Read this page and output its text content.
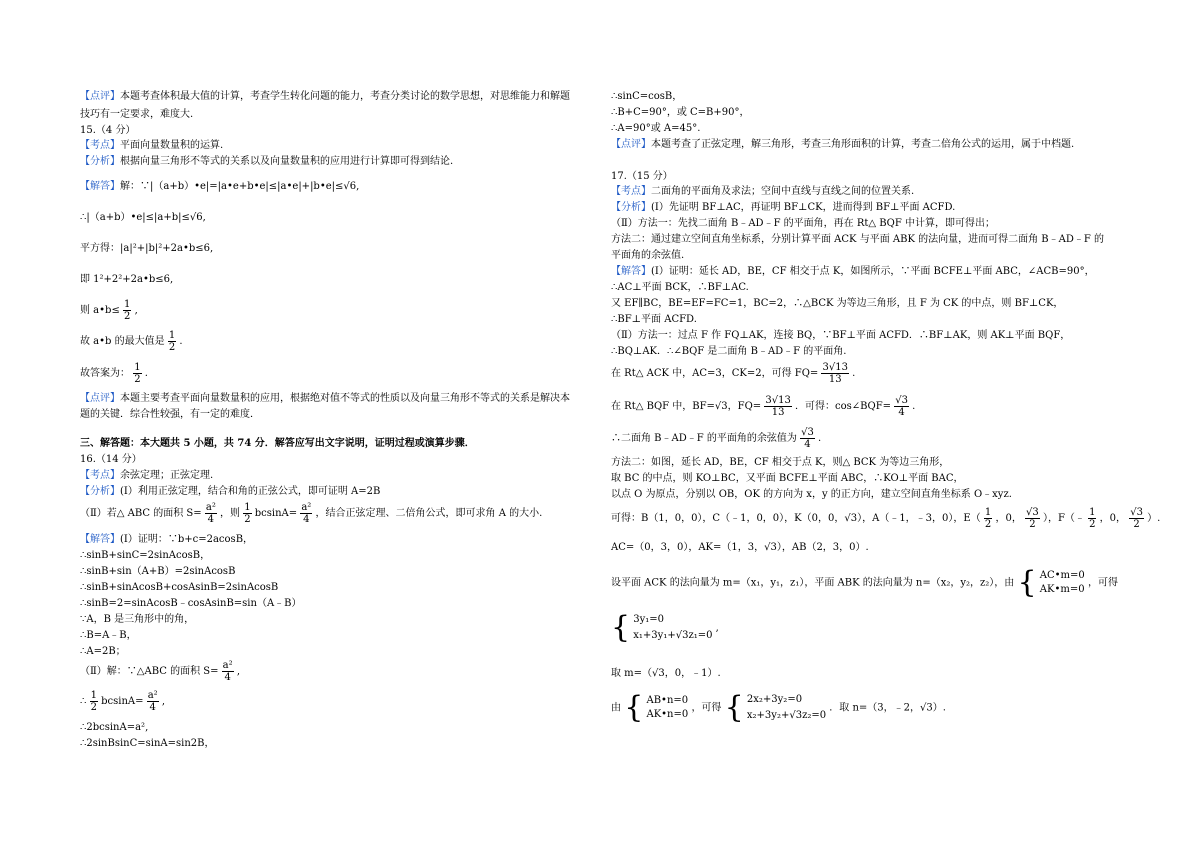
【点评】本题考查体积最大值的计算，考查学生转化问题的能力，考查分类讨论的数学思想，对思维能力和解题
技巧有一定要求，难度大.
15.（4 分）
【考点】平面向量数量积的运算.
【分析】根据向量三角形不等式的关系以及向量数量积的应用进行计算即可得到结论.
【解答】解：∵|（a+b）•e|=|a•e+b•e|≤|a•e|+|b•e|≤√6,
∴|（a+b）•e|≤|a+b|≤√6,
平方得：|a|²+|b|²+2a•b≤6,
即 1²+2²+2a•b≤6,
则 a•b≤ $\frac{1}{2}$ ,
故 a•b 的最大值是 $\frac{1}{2}$ .
故答案为： $\frac{1}{2}$ .
【点评】本题主要考查平面向量数量积的应用，根据绝对值不等式的性质以及向量三角形不等式的关系是解决本
题的关键．综合性较强，有一定的难度．
三、解答题：本大题共 5 小题，共 74 分．解答应写出文字说明，证明过程或演算步骤．
16.（14 分）
【考点】余弦定理；正弦定理.
【分析】(Ⅰ）利用正弦定理，结合和角的正弦公式，即可证明 A=2B
（Ⅱ）若△ ABC 的面积 $S= \frac{\text{a²}}{4}$ ，则 $\frac{1}{2} bcsinA= \frac{\text{a²}}{4}$ ，结合正弦定理、二倍角公式，即可求角 A 的大小.
【解答】(Ⅰ）证明：∵b+c=2acosB，
∴sinB+sinC=2sinAcosB，
∴sinB+sin（A+B）=2sinAcosB
∴sinB+sinAcosB+cosAsinB=2sinAcosB
∴sinB=2=sinAcosB﹣cosAsinB=sin（A﹣B）
∵A，B 是三角形中的角，
∴B=A﹣B，
∴A=2B；
（Ⅱ）解：∵△ABC 的面积 $S= \frac{\text{a²}}{4}$ ,
∴ $\frac{1}{2} bcsinA= \frac{\text{a²}}{4}$ ,
∴2bcsinA=a²,
∴2sinBsinC=sinA=sin2B，
∴sinC=cosB，
∴B+C=90°，或 C=B+90°，
∴A=90°或 A=45°.
【点评】本题考查了正弦定理，解三角形，考查三角形面积的计算，考查二倍角公式的运用，属于中档题.
17.（15 分）
【考点】二面角的平面角及求法；空间中直线与直线之间的位置关系.
【分析】(Ⅰ）先证明 BF⊥AC，再证明 BF⊥CK，进而得到 BF⊥平面 ACFD.
（Ⅱ）方法一：先找二面角 B﹣AD﹣F 的平面角，再在 Rt△ BQF 中计算，即可得出；
方法二：通过建立空间直角坐标系，分别计算平面 ACK 与平面 ABK 的法向量，进而可得二面角 B﹣AD﹣F 的
平面角的余弦值.
【解答】(Ⅰ）证明：延长 AD，BE，CF 相交于点 K，如图所示，∵平面 BCFE⊥平面 ABC，∠ACB=90°，
∴AC⊥平面 BCK，∴BF⊥AC.
又 EF∥BC，BE=EF=FC=1，BC=2，∴△BCK 为等边三角形，且 F 为 CK 的中点，则 BF⊥CK，
∴BF⊥平面 ACFD.
（Ⅱ）方法一：过点 F 作 FQ⊥AK，连接 BQ，∵BF⊥平面 ACFD．∴BF⊥AK，则 AK⊥平面 BQF，
∴BQ⊥AK．∴∠BQF 是二面角 B﹣AD﹣F 的平面角.
在 Rt△ ACK 中，AC=3，CK=2，可得 $FQ= \frac{3√13}{13}$ .
在 Rt△ BQF 中，BF=√3，$FQ= \frac{3√13}{13}$ ．可得：cos∠BQF= $\frac{√3}{4}$ .
∴二面角 B﹣AD﹣F 的平面角的余弦值为 $\frac{√3}{4}$ .
方法二：如图，延长 AD，BE，CF 相交于点 K，则△ BCK 为等边三角形，
取 BC 的中点，则 KO⊥BC，又平面 BCFE⊥平面 ABC，∴KO⊥平面 BAC，
以点 O 为原点，分别以 OB，OK 的方向为 x，y 的正方向，建立空间直角坐标系 O﹣xyz.
可得：B（1，0，0），C（﹣1，0，0），K（0，0，√3），A（﹣1，﹣3，0），$E( \frac{1}{2}$ ，0， $\frac{√3}{2}$ ），F（﹣ $\frac{1}{2}$ ，0， $\frac{√3}{2}$ ）.
AC=（0，3，0），AK=（1，3，√3），AB（2，3，0）.
设平面 ACK 的法向量为 m=（x₁，y₁，z₁），平面 ABK 的法向量为 n=（x₂，y₂，z₂），由 { AC•m=0
AK•m=0
，可得
{ 3y₁=0
x₁+3y₁+√3z₁=0
,
取 m=（√3，0，﹣1）.
由 { AB•n=0
AK•n=0
，可得 { 2x₂+3y₂=0
x₂+3y₂+√3z₂=0
．取 n=（3，﹣2，√3）.
